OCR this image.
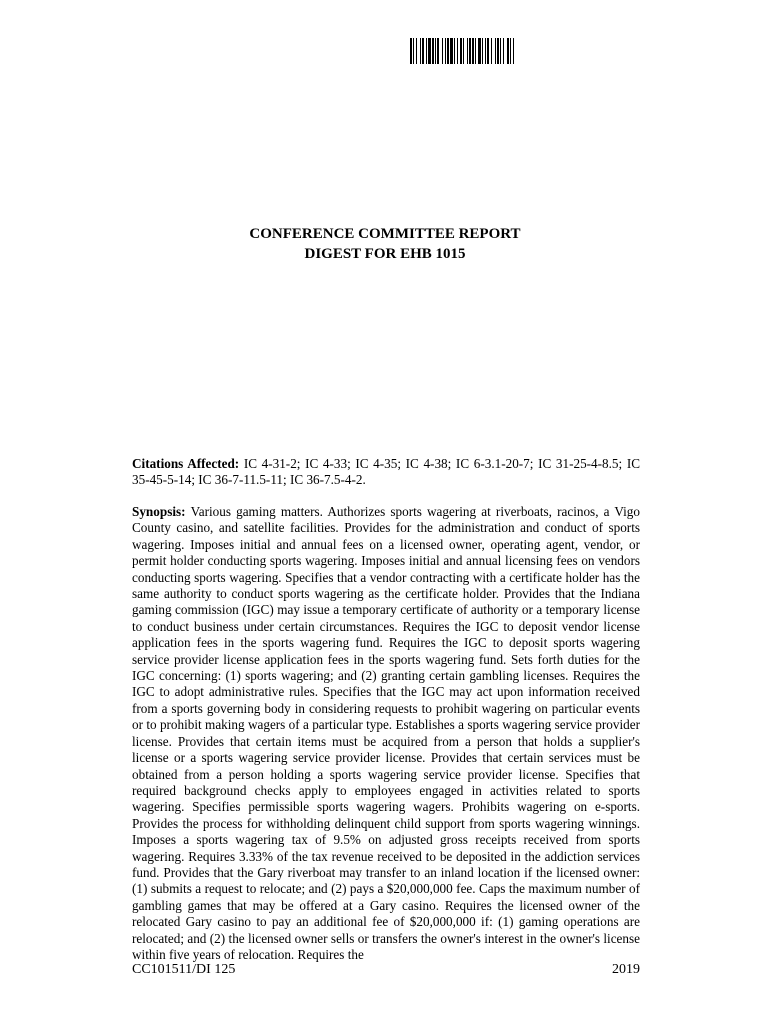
CONFERENCE COMMITTEE REPORT
DIGEST FOR EHB 1015
Citations Affected: IC 4-31-2; IC 4-33; IC 4-35; IC 4-38; IC 6-3.1-20-7; IC 31-25-4-8.5; IC 35-45-5-14; IC 36-7-11.5-11; IC 36-7.5-4-2.
Synopsis: Various gaming matters. Authorizes sports wagering at riverboats, racinos, a Vigo County casino, and satellite facilities. Provides for the administration and conduct of sports wagering. Imposes initial and annual fees on a licensed owner, operating agent, vendor, or permit holder conducting sports wagering. Imposes initial and annual licensing fees on vendors conducting sports wagering. Specifies that a vendor contracting with a certificate holder has the same authority to conduct sports wagering as the certificate holder. Provides that the Indiana gaming commission (IGC) may issue a temporary certificate of authority or a temporary license to conduct business under certain circumstances. Requires the IGC to deposit vendor license application fees in the sports wagering fund. Requires the IGC to deposit sports wagering service provider license application fees in the sports wagering fund. Sets forth duties for the IGC concerning: (1) sports wagering; and (2) granting certain gambling licenses. Requires the IGC to adopt administrative rules. Specifies that the IGC may act upon information received from a sports governing body in considering requests to prohibit wagering on particular events or to prohibit making wagers of a particular type. Establishes a sports wagering service provider license. Provides that certain items must be acquired from a person that holds a supplier's license or a sports wagering service provider license. Provides that certain services must be obtained from a person holding a sports wagering service provider license. Specifies that required background checks apply to employees engaged in activities related to sports wagering. Specifies permissible sports wagering wagers. Prohibits wagering on e-sports. Provides the process for withholding delinquent child support from sports wagering winnings. Imposes a sports wagering tax of 9.5% on adjusted gross receipts received from sports wagering. Requires 3.33% of the tax revenue received to be deposited in the addiction services fund. Provides that the Gary riverboat may transfer to an inland location if the licensed owner: (1) submits a request to relocate; and (2) pays a $20,000,000 fee. Caps the maximum number of gambling games that may be offered at a Gary casino. Requires the licensed owner of the relocated Gary casino to pay an additional fee of $20,000,000 if: (1) gaming operations are relocated; and (2) the licensed owner sells or transfers the owner's interest in the owner's license within five years of relocation. Requires the
CC101511/DI 125	2019
